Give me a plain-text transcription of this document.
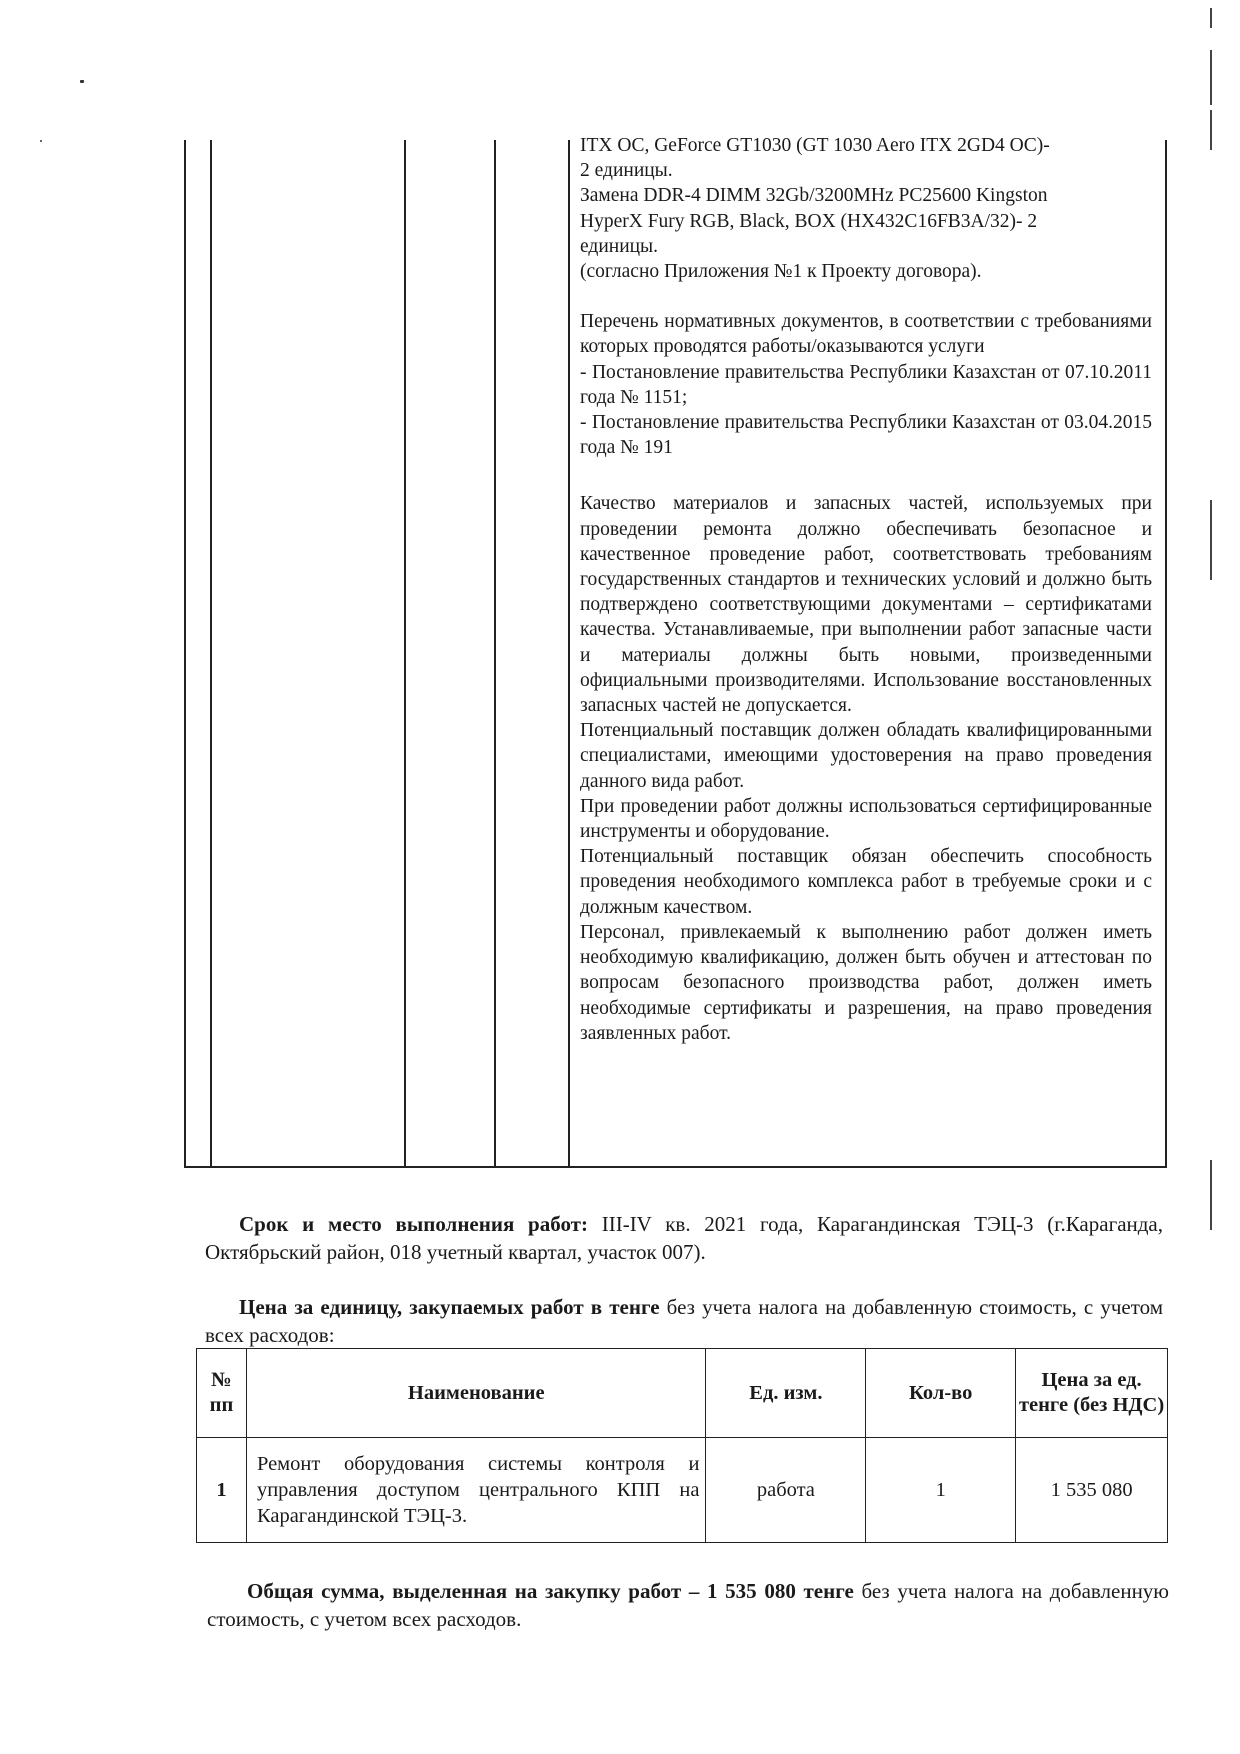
ITX OC, GeForce GT1030 (GT 1030 Aero ITX 2GD4 OC)-

2 единицы.

Замена DDR-4 DIMM 32Gb/3200MHz PC25600 Kingston

HyperX Fury RGB, Black, BOX (HX432C16FB3A/32)- 2

единицы.

(согласно Приложения №1 к Проекту договора).

Перечень нормативных документов, в соответствии с требованиями которых проводятся работы/оказываются услуги

- Постановление правительства Республики Казахстан от 07.10.2011 года № 1151;

- Постановление правительства Республики Казахстан от 03.04.2015 года № 191

Качество материалов и запасных частей, используемых при проведении ремонта должно обеспечивать безопасное и качественное проведение работ, соответствовать требованиям государственных стандартов и технических условий и должно быть подтверждено соответствующими документами – сертификатами качества. Устанавливаемые, при выполнении работ запасные части и материалы должны быть новыми, произведенными официальными производителями. Использование восстановленных запасных частей не допускается.

Потенциальный поставщик должен обладать квалифицированными специалистами, имеющими удостоверения на право проведения данного вида работ.

При проведении работ должны использоваться сертифицированные инструменты и оборудование.

Потенциальный поставщик обязан обеспечить способность проведения необходимого комплекса работ в требуемые сроки и с должным качеством.

Персонал, привлекаемый к выполнению работ должен иметь необходимую квалификацию, должен быть обучен и аттестован по вопросам безопасного производства работ, должен иметь необходимые сертификаты и разрешения, на право проведения заявленных работ.

Срок и место выполнения работ: III-IV кв. 2021 года, Карагандинская ТЭЦ-3 (г.Караганда, Октябрьский район, 018 учетный квартал, участок 007).

Цена за единицу, закупаемых работ в тенге без учета налога на добавленную стоимость, с учетом всех расходов:

№ пп	Наименование	Ед. изм.	Кол-во	Цена за ед. тенге (без НДС)
1	Ремонт оборудования системы контроля и управления доступом центрального КПП на Карагандинской ТЭЦ-3.	работа	1	1 535 080

Общая сумма, выделенная на закупку работ – 1 535 080 тенге без учета налога на добавленную стоимость, с учетом всех расходов.
